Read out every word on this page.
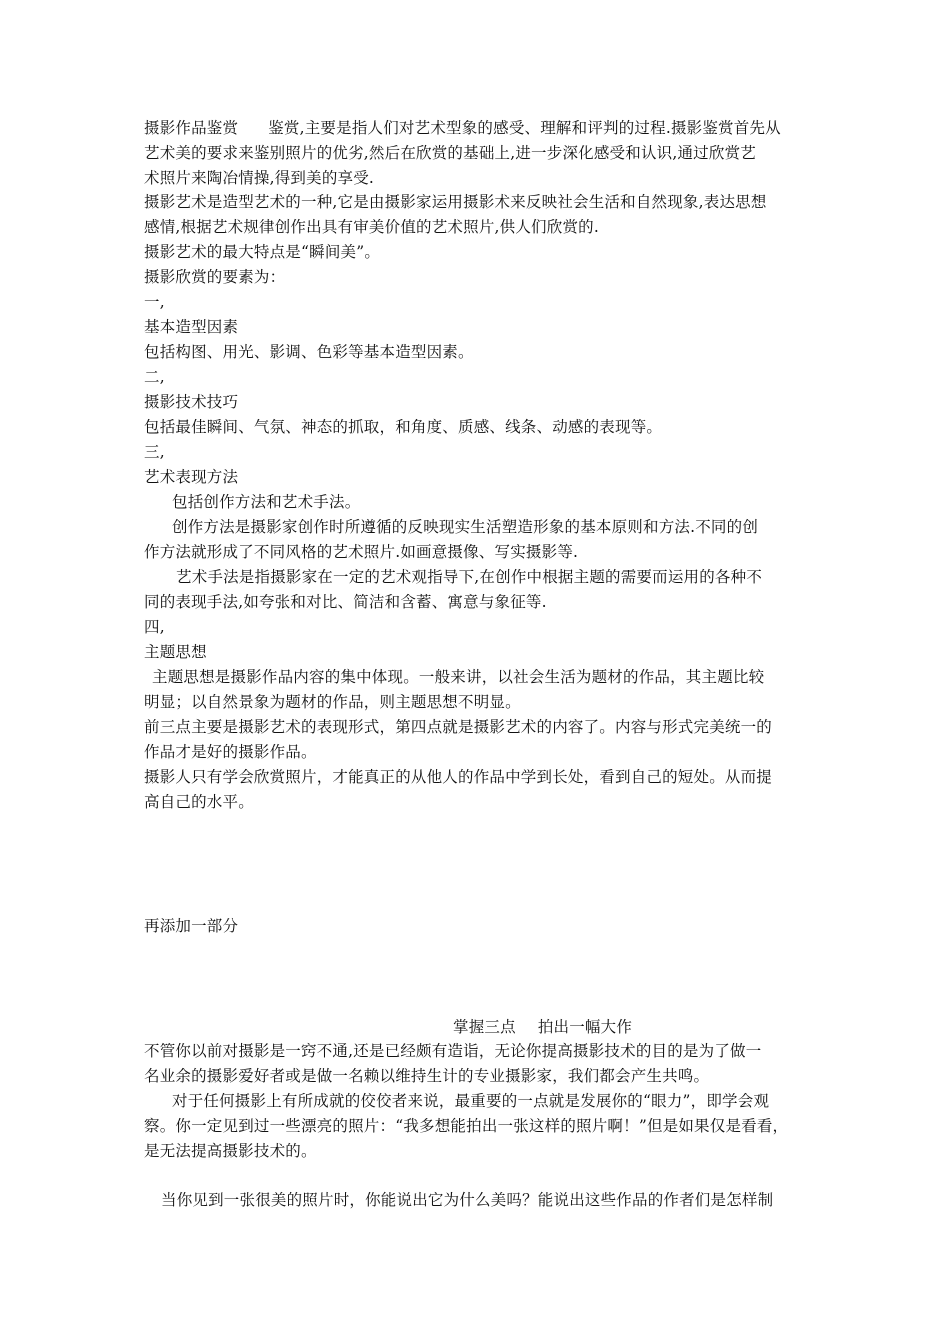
摄影作品鉴赏 鉴赏,主要是指人们对艺术型象的感受、理解和评判的过程.摄影鉴赏首先从
艺术美的要求来鉴别照片的优劣,然后在欣赏的基础上,进一步深化感受和认识,通过欣赏艺
术照片来陶冶情操,得到美的享受.
摄影艺术是造型艺术的一种,它是由摄影家运用摄影术来反映社会生活和自然现象,表达思想
感情,根据艺术规律创作出具有审美价值的艺术照片,供人们欣赏的.
摄影艺术的最大特点是“瞬间美”。
摄影欣赏的要素为：
一,
基本造型因素
包括构图、用光、影调、色彩等基本造型因素。
二,
摄影技术技巧
包括最佳瞬间、气氛、神态的抓取，和角度、质感、线条、动感的表现等。
三,
艺术表现方法
包括创作方法和艺术手法。
创作方法是摄影家创作时所遵循的反映现实生活塑造形象的基本原则和方法.不同的创
作方法就形成了不同风格的艺术照片.如画意摄像、写实摄影等.
艺术手法是指摄影家在一定的艺术观指导下,在创作中根据主题的需要而运用的各种不
同的表现手法,如夸张和对比、简洁和含蓄、寓意与象征等.
四,
主题思想
主题思想是摄影作品内容的集中体现。一般来讲，以社会生活为题材的作品，其主题比较
明显；以自然景象为题材的作品，则主题思想不明显。
前三点主要是摄影艺术的表现形式，第四点就是摄影艺术的内容了。内容与形式完美统一的
作品才是好的摄影作品。
摄影人只有学会欣赏照片，才能真正的从他人的作品中学到长处，看到自己的短处。从而提
高自己的水平。
再添加一部分
掌握三点 拍出一幅大作
不管你以前对摄影是一窍不通,还是已经颇有造诣，无论你提高摄影技术的目的是为了做一
名业余的摄影爱好者或是做一名赖以维持生计的专业摄影家，我们都会产生共鸣。
对于任何摄影上有所成就的佼佼者来说，最重要的一点就是发展你的“眼力”，即学会观
察。你一定见到过一些漂亮的照片：“我多想能拍出一张这样的照片啊！”但是如果仅是看看，
是无法提高摄影技术的。
当你见到一张很美的照片时，你能说出它为什么美吗？能说出这些作品的作者们是怎样制
